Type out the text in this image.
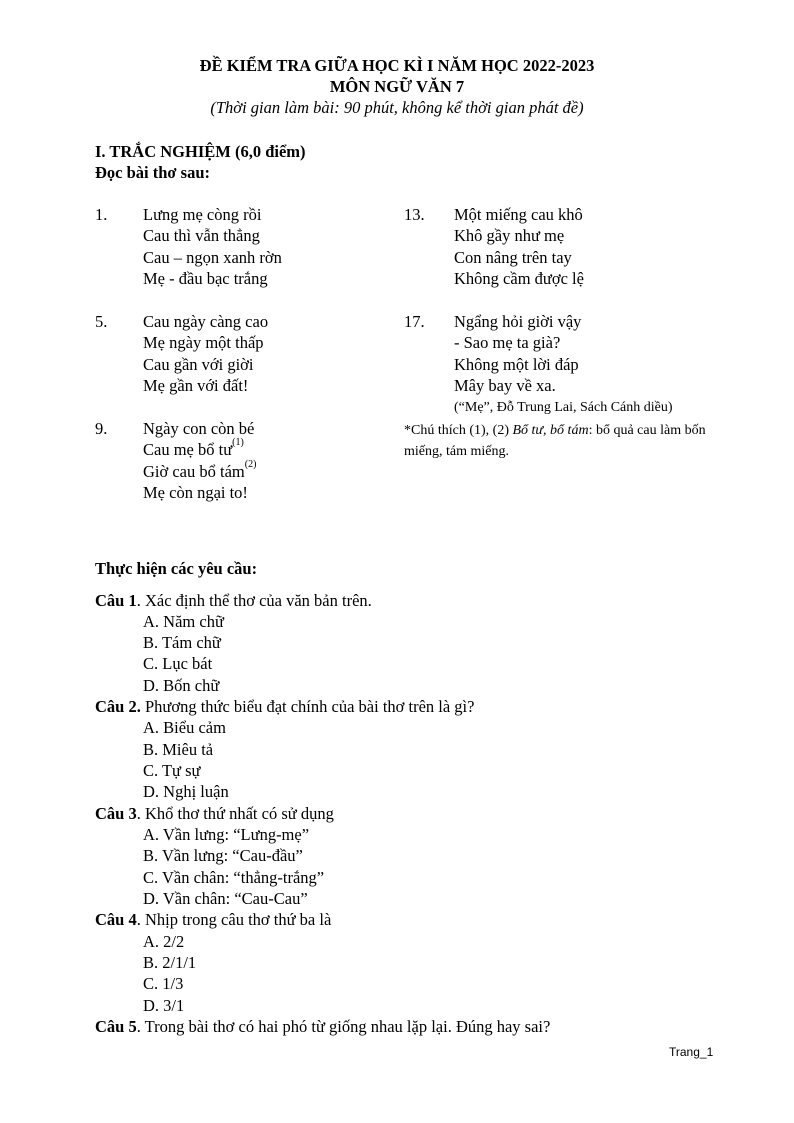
ĐỀ KIỂM TRA GIỮA HỌC KÌ I NĂM HỌC 2022-2023
MÔN NGỮ VĂN 7
(Thời gian làm bài: 90 phút, không kể thời gian phát đề)
I. TRẮC NGHIỆM (6,0 điểm)
Đọc bài thơ sau:
1. Lưng mẹ còng rồi
Cau thì vẫn thẳng
Cau – ngọn xanh rờn
Mẹ - đầu bạc trắng
5. Cau ngày càng cao
Mẹ ngày một thấp
Cau gần với giời
Mẹ gần với đất!
9. Ngày con còn bé
Cau mẹ bổ $tư^{(1)}$
Giờ cau bổ tám$^{(2)}$
Mẹ còn ngại to!
13. Một miếng cau khô
Khô gầy như mẹ
Con nâng trên tay
Không cầm được lệ
17. Ngẩng hỏi giời vậy
- Sao mẹ ta già?
Không một lời đáp
Mây bay về xa.
(“Mẹ”, Đỗ Trung Lai, Sách Cánh diều)
*Chú thích (1), (2) Bổ tư, bổ tám: bổ quả cau làm bốn miếng, tám miếng.
Thực hiện các yêu cầu:
Câu 1. Xác định thể thơ của văn bản trên.
A. Năm chữ
B. Tám chữ
C. Lục bát
D. Bốn chữ
Câu 2. Phương thức biểu đạt chính của bài thơ trên là gì?
A. Biểu cảm
B. Miêu tả
C. Tự sự
D. Nghị luận
Câu 3. Khổ thơ thứ nhất có sử dụng
A. Vần lưng: “Lưng-mẹ”
B. Vần lưng: “Cau-đầu”
C. Vần chân: “thẳng-trắng”
D. Vần chân: “Cau-Cau”
Câu 4. Nhịp trong câu thơ thứ ba là
A. 2/2
B. 2/1/1
C. 1/3
D. 3/1
Câu 5. Trong bài thơ có hai phó từ giống nhau lặp lại. Đúng hay sai?
Trang_1
